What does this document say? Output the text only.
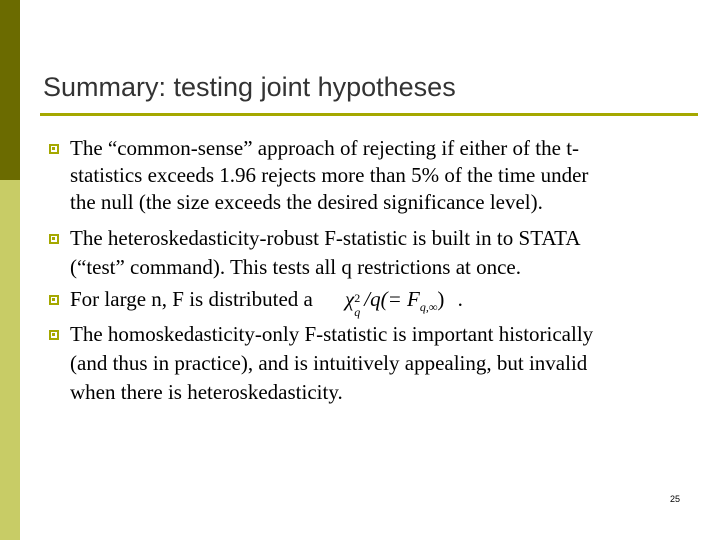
Summary: testing joint hypotheses
The “common-sense” approach of rejecting if either of the t-
statistics exceeds 1.96 rejects more than 5% of the time under
the null (the size exceeds the desired significance level).
The heteroskedasticity-robust F-statistic is built in to STATA
(“test” command). This tests all q restrictions at once.
For large n, F is distributed a χ 2
q
$/q(= F_{q,\infty})$ .
The homoskedasticity-only F-statistic is important historically
(and thus in practice), and is intuitively appealing, but invalid
when there is heteroskedasticity.
25
